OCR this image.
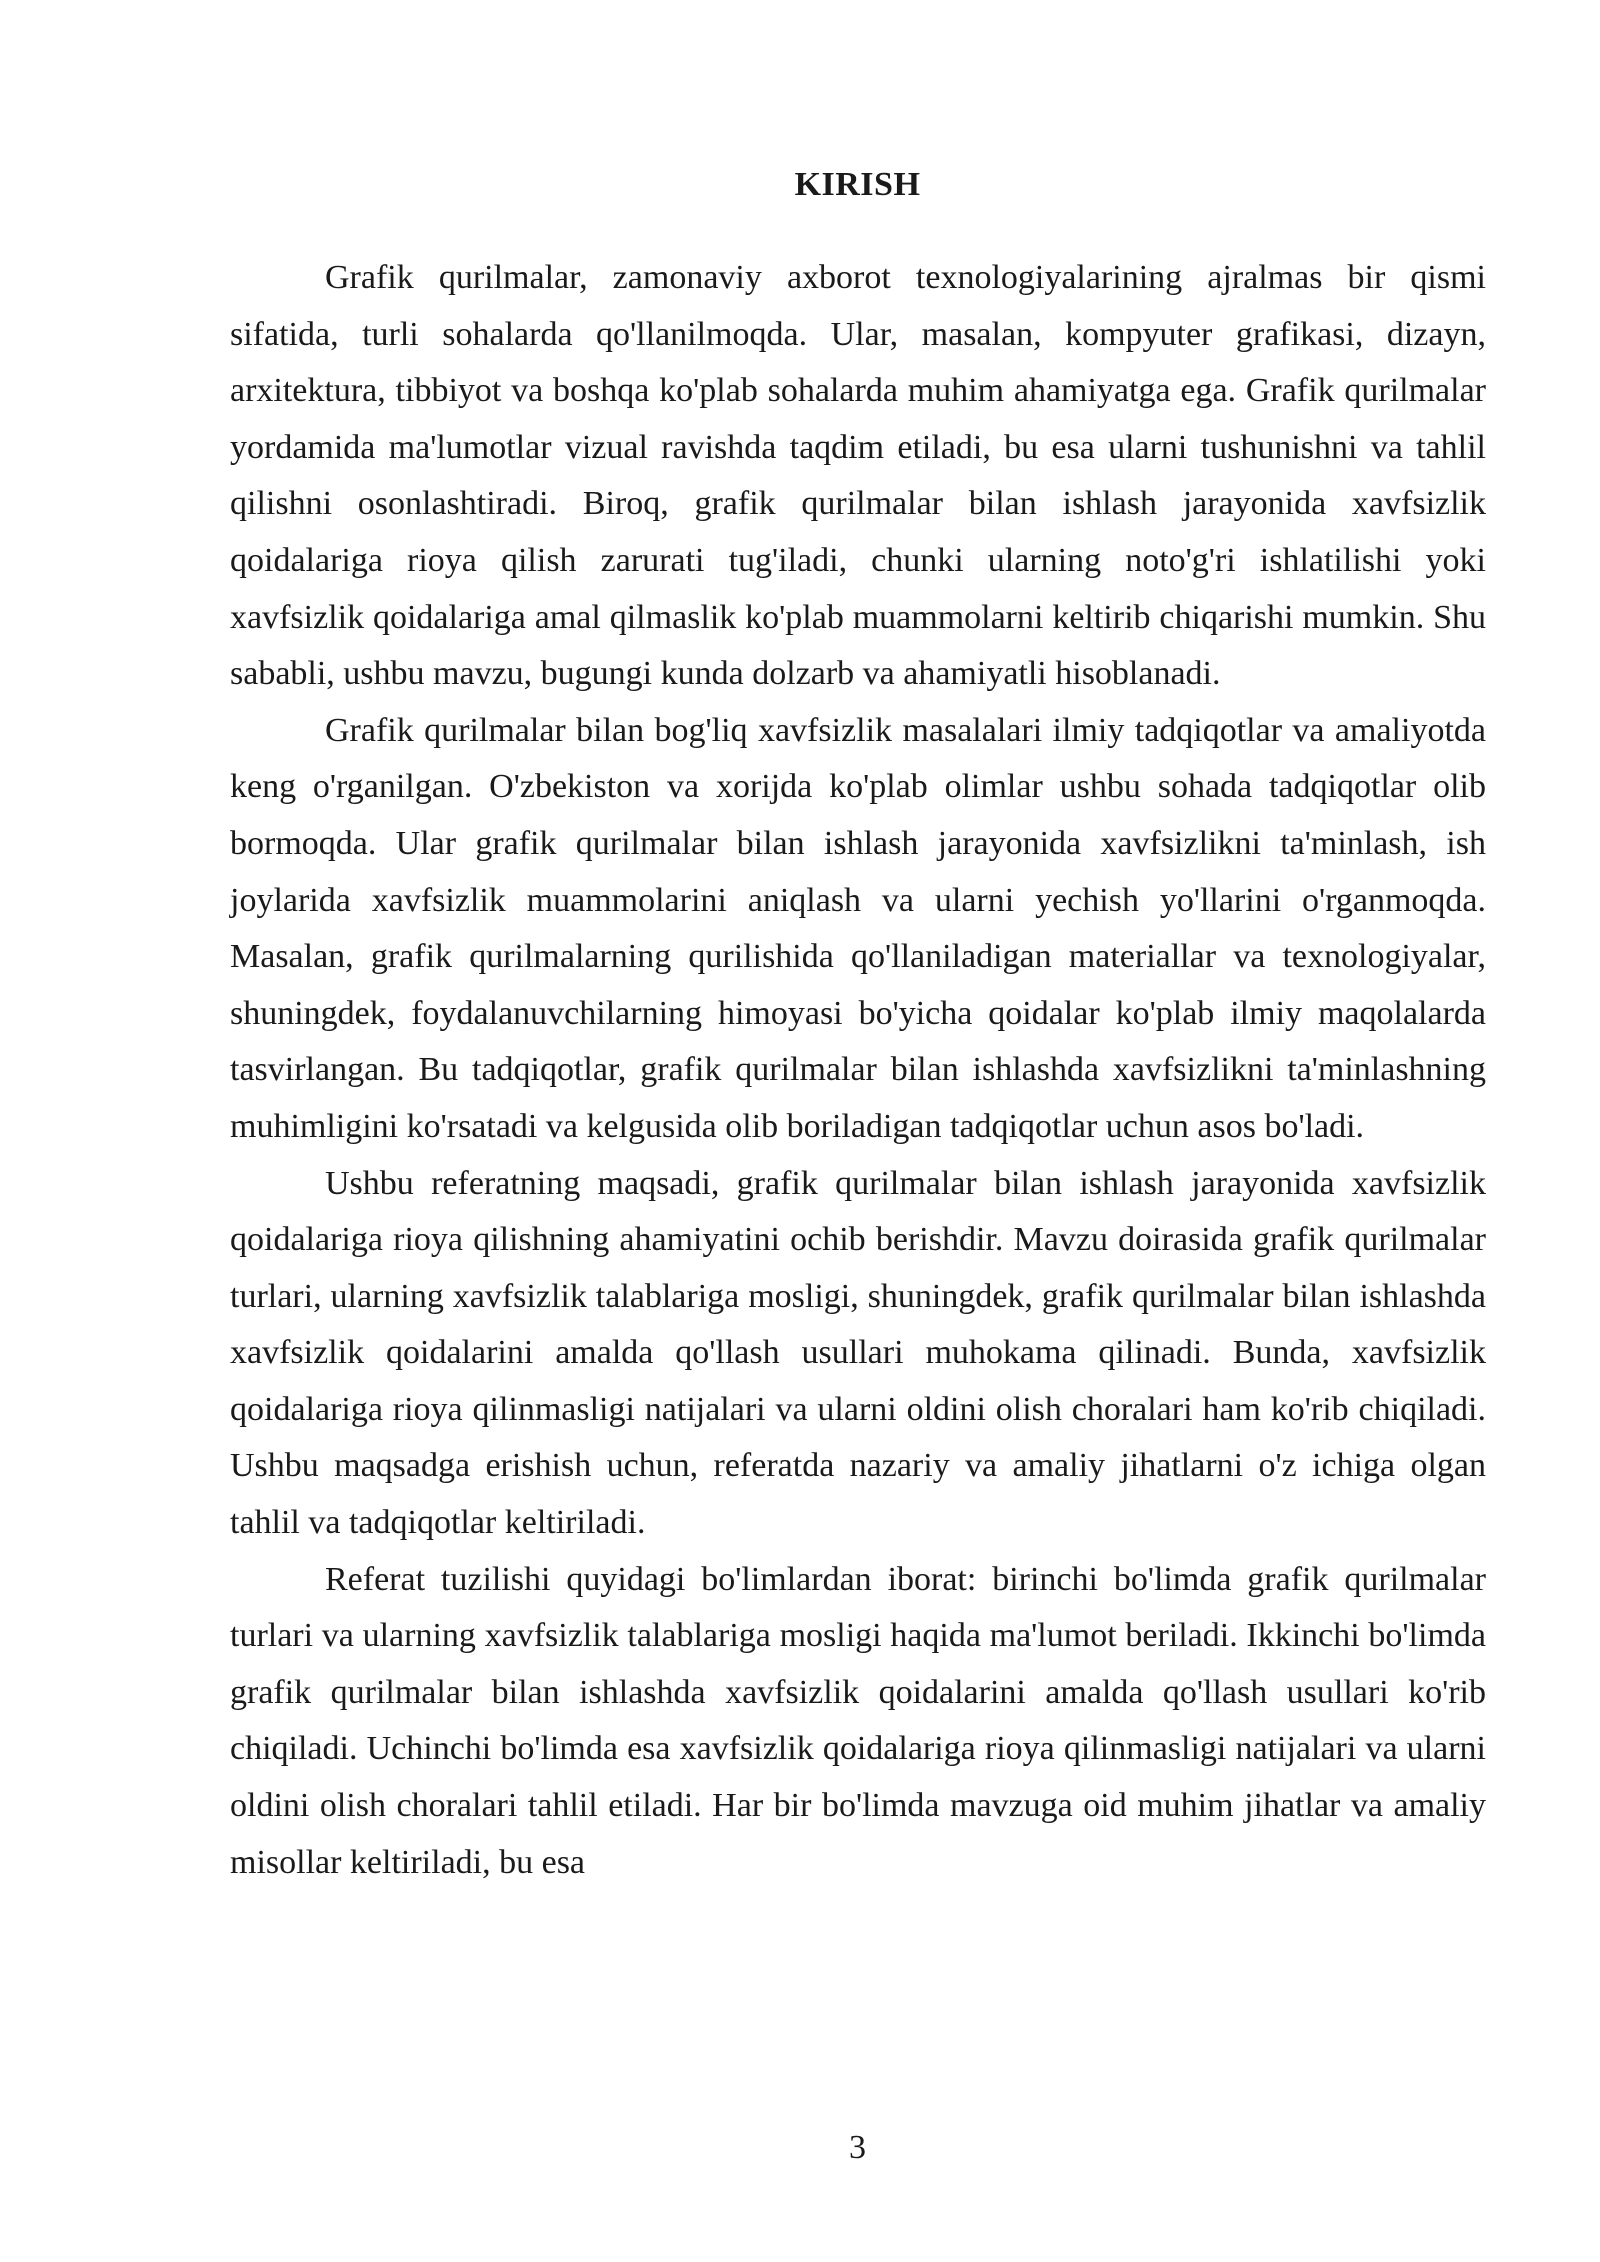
KIRISH

Grafik qurilmalar, zamonaviy axborot texnologiyalarining ajralmas bir qismi sifatida, turli sohalarda qo'llanilmoqda. Ular, masalan, kompyuter grafikasi, dizayn, arxitektura, tibbiyot va boshqa ko'plab sohalarda muhim ahamiyatga ega. Grafik qurilmalar yordamida ma'lumotlar vizual ravishda taqdim etiladi, bu esa ularni tushunishni va tahlil qilishni osonlashtiradi. Biroq, grafik qurilmalar bilan ishlash jarayonida xavfsizlik qoidalariga rioya qilish zarurati tug'iladi, chunki ularning noto'g'ri ishlatilishi yoki xavfsizlik qoidalariga amal qilmaslik ko'plab muammolarni keltirib chiqarishi mumkin. Shu sababli, ushbu mavzu, bugungi kunda dolzarb va ahamiyatli hisoblanadi.

Grafik qurilmalar bilan bog'liq xavfsizlik masalalari ilmiy tadqiqotlar va amaliyotda keng o'rganilgan. O'zbekiston va xorijda ko'plab olimlar ushbu sohada tadqiqotlar olib bormoqda. Ular grafik qurilmalar bilan ishlash jarayonida xavfsizlikni ta'minlash, ish joylarida xavfsizlik muammolarini aniqlash va ularni yechish yo'llarini o'rganmoqda. Masalan, grafik qurilmalarning qurilishida qo'llaniladigan materiallar va texnologiyalar, shuningdek, foydalanuvchilarning himoyasi bo'yicha qoidalar ko'plab ilmiy maqolalarda tasvirlangan. Bu tadqiqotlar, grafik qurilmalar bilan ishlashda xavfsizlikni ta'minlashning muhimligini ko'rsatadi va kelgusida olib boriladigan tadqiqotlar uchun asos bo'ladi.

Ushbu referatning maqsadi, grafik qurilmalar bilan ishlash jarayonida xavfsizlik qoidalariga rioya qilishning ahamiyatini ochib berishdir. Mavzu doirasida grafik qurilmalar turlari, ularning xavfsizlik talablariga mosligi, shuningdek, grafik qurilmalar bilan ishlashda xavfsizlik qoidalarini amalda qo'llash usullari muhokama qilinadi. Bunda, xavfsizlik qoidalariga rioya qilinmasligi natijalari va ularni oldini olish choralari ham ko'rib chiqiladi. Ushbu maqsadga erishish uchun, referatda nazariy va amaliy jihatlarni o'z ichiga olgan tahlil va tadqiqotlar keltiriladi.

Referat tuzilishi quyidagi bo'limlardan iborat: birinchi bo'limda grafik qurilmalar turlari va ularning xavfsizlik talablariga mosligi haqida ma'lumot beriladi. Ikkinchi bo'limda grafik qurilmalar bilan ishlashda xavfsizlik qoidalarini amalda qo'llash usullari ko'rib chiqiladi. Uchinchi bo'limda esa xavfsizlik qoidalariga rioya qilinmasligi natijalari va ularni oldini olish choralari tahlil etiladi. Har bir bo'limda mavzuga oid muhim jihatlar va amaliy misollar keltiriladi, bu esa

3
